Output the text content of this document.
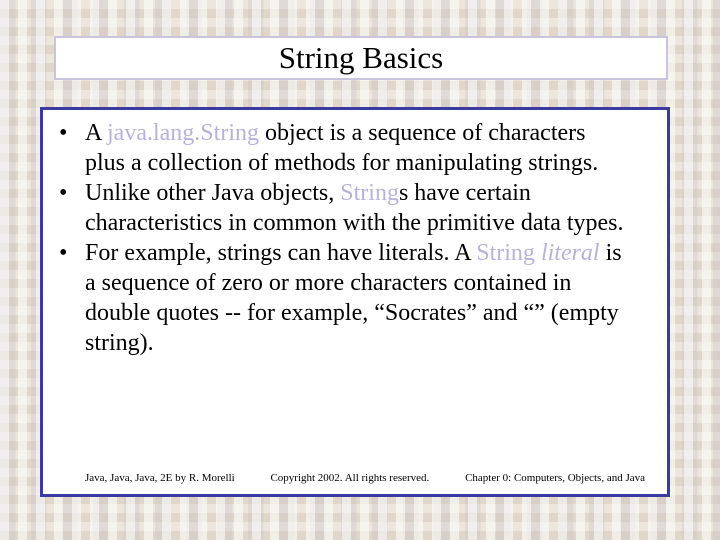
String Basics
• A java.lang.String object is a sequence of characters plus a collection of methods for manipulating strings.
• Unlike other Java objects, Strings have certain characteristics in common with the primitive data types.
• For example, strings can have literals. A String literal is a sequence of zero or more characters contained in double quotes -- for example, “Socrates” and “” (empty string).
Java, Java, Java, 2E by R. Morelli	Copyright 2002. All rights reserved.	Chapter 0: Computers, Objects, and Java
